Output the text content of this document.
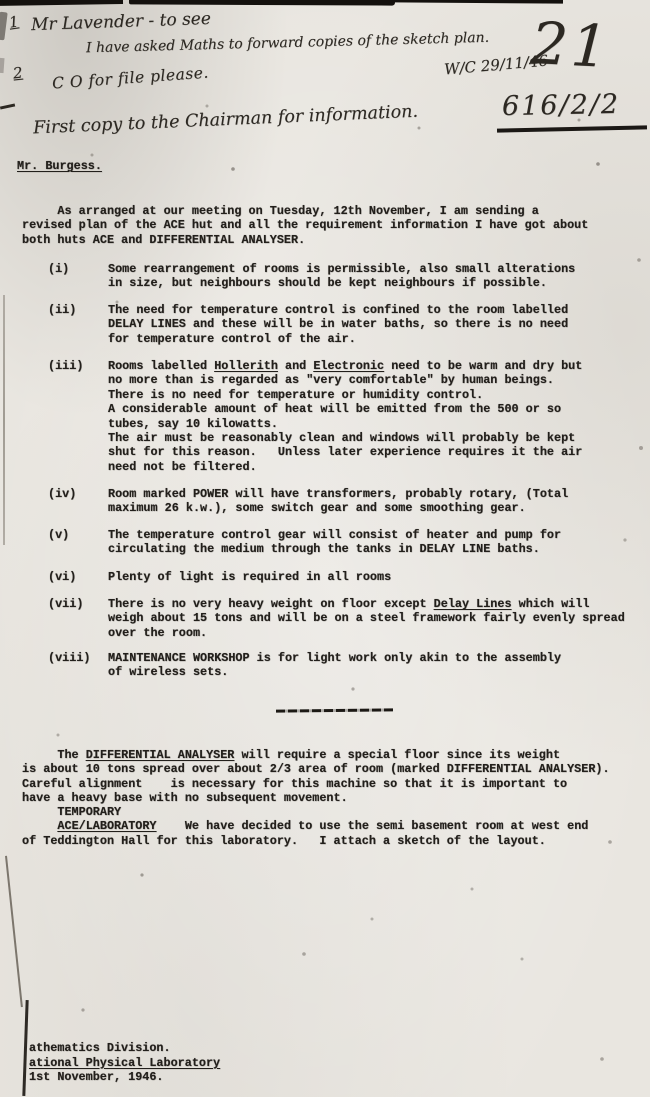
1 Mr Lavender - to see
I have asked Maths to forward copies of the sketch plan.
W/C 29/11/46
21
2 C O for file please.
616/2/2
First copy to the Chairman for information.
Mr. Burgess.
As arranged at our meeting on Tuesday, 12th November, I am sending a
revised plan of the ACE hut and all the requirement information I have got about
both huts ACE and DIFFERENTIAL ANALYSER.
(i)	Some rearrangement of rooms is permissible, also small alterations
in size, but neighbours should be kept neighbours if possible.
(ii)	The need for temperature control is confined to the room labelled
DELAY LINES and these will be in water baths, so there is no need
for temperature control of the air.
(iii) Rooms labelled Hollerith and Electronic need to be warm and dry but
no more than is regarded as "very comfortable" by human beings.
There is no need for temperature or humidity control.
A considerable amount of heat will be emitted from the 500 or so
tubes, say 10 kilowatts.
The air must be reasonably clean and windows will probably be kept
shut for this reason.   Unless later experience requires it the air
need not be filtered.
(iv)	Room marked POWER will have transformers, probably rotary, (Total
maximum 26 k.w.), some switch gear and some smoothing gear.
(v)	The temperature control gear will consist of heater and pump for
circulating the medium through the tanks in DELAY LINE baths.
(vi)	Plenty of light is required in all rooms
(vii) There is no very heavy weight on floor except Delay Lines which will
weigh about 15 tons and will be on a steel framework fairly evenly spread
over the room.
(viii) MAINTENANCE WORKSHOP is for light work only akin to the assembly
of wireless sets.
The DIFFERENTIAL ANALYSER will require a special floor since its weight
is about 10 tons spread over about 2/3 area of room (marked DIFFERENTIAL ANALYSER).
Careful alignment    is necessary for this machine so that it is important to
have a heavy base with no subsequent movement.
TEMPORARY
ACE/LABORATORY    We have decided to use the semi basement room at west end
of Teddington Hall for this laboratory.   I attach a sketch of the layout.
athematics Division.
ational Physical Laboratory
1st November, 1946.
